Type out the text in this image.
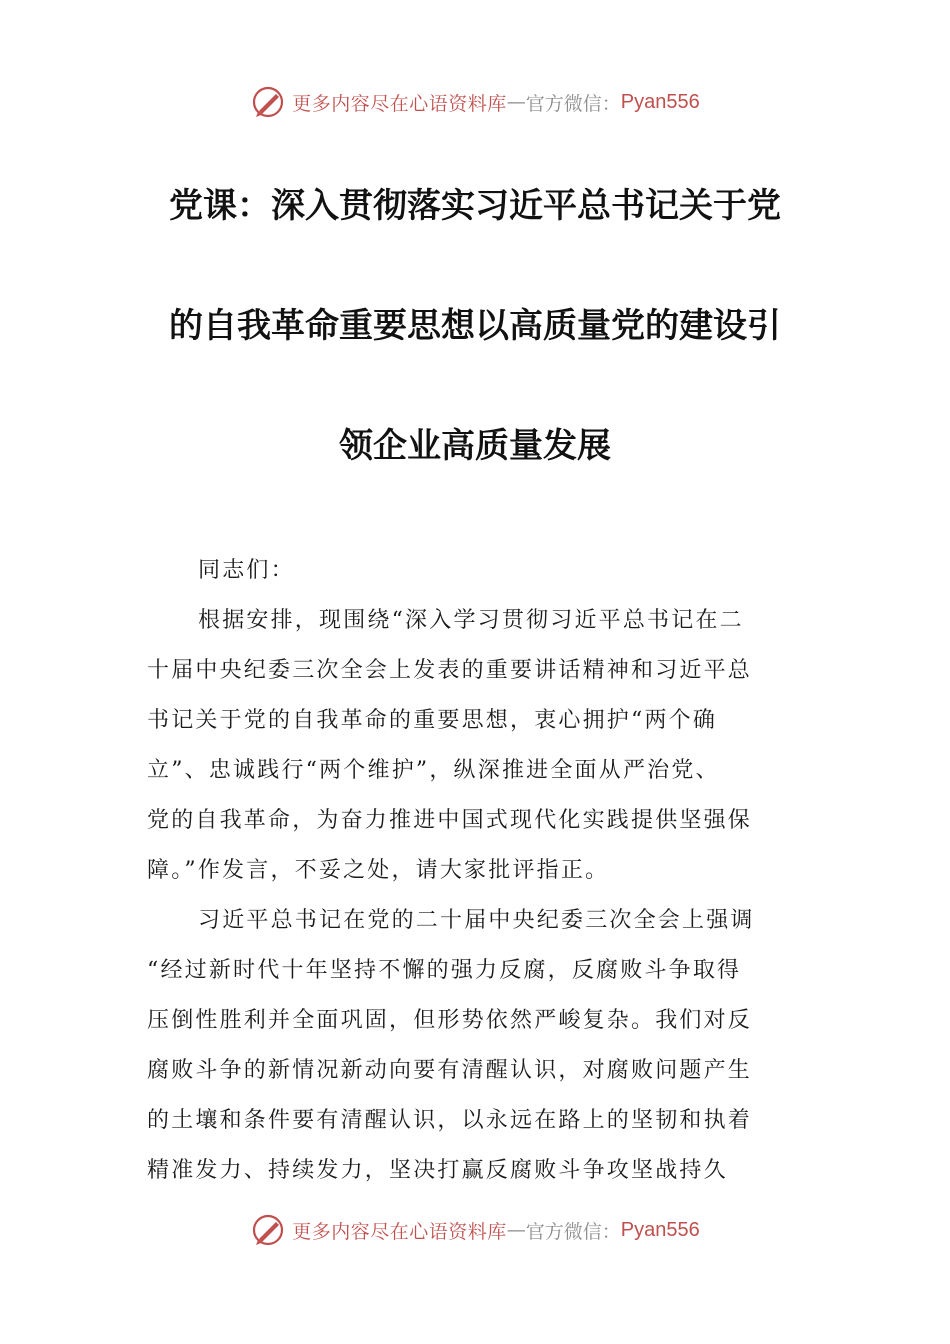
更多内容尽在心语资料库 — 官方微信： Pyan556
党课：深入贯彻落实习近平总书记关于党
的自我革命重要思想以高质量党的建设引
领企业高质量发展
同志们：
根据安排，现围绕“深入学习贯彻习近平总书记在二
十届中央纪委三次全会上发表的重要讲话精神和习近平总
书记关于党的自我革命的重要思想，衷心拥护“两个确
立”、忠诚践行“两个维护”，纵深推进全面从严治党、
党的自我革命，为奋力推进中国式现代化实践提供坚强保
障。”作发言，不妥之处，请大家批评指正。
习近平总书记在党的二十届中央纪委三次全会上强调
“经过新时代十年坚持不懈的强力反腐，反腐败斗争取得
压倒性胜利并全面巩固，但形势依然严峻复杂。我们对反
腐败斗争的新情况新动向要有清醒认识，对腐败问题产生
的土壤和条件要有清醒认识，以永远在路上的坚韧和执着
精准发力、持续发力，坚决打赢反腐败斗争攻坚战持久
更多内容尽在心语资料库 — 官方微信： Pyan556
